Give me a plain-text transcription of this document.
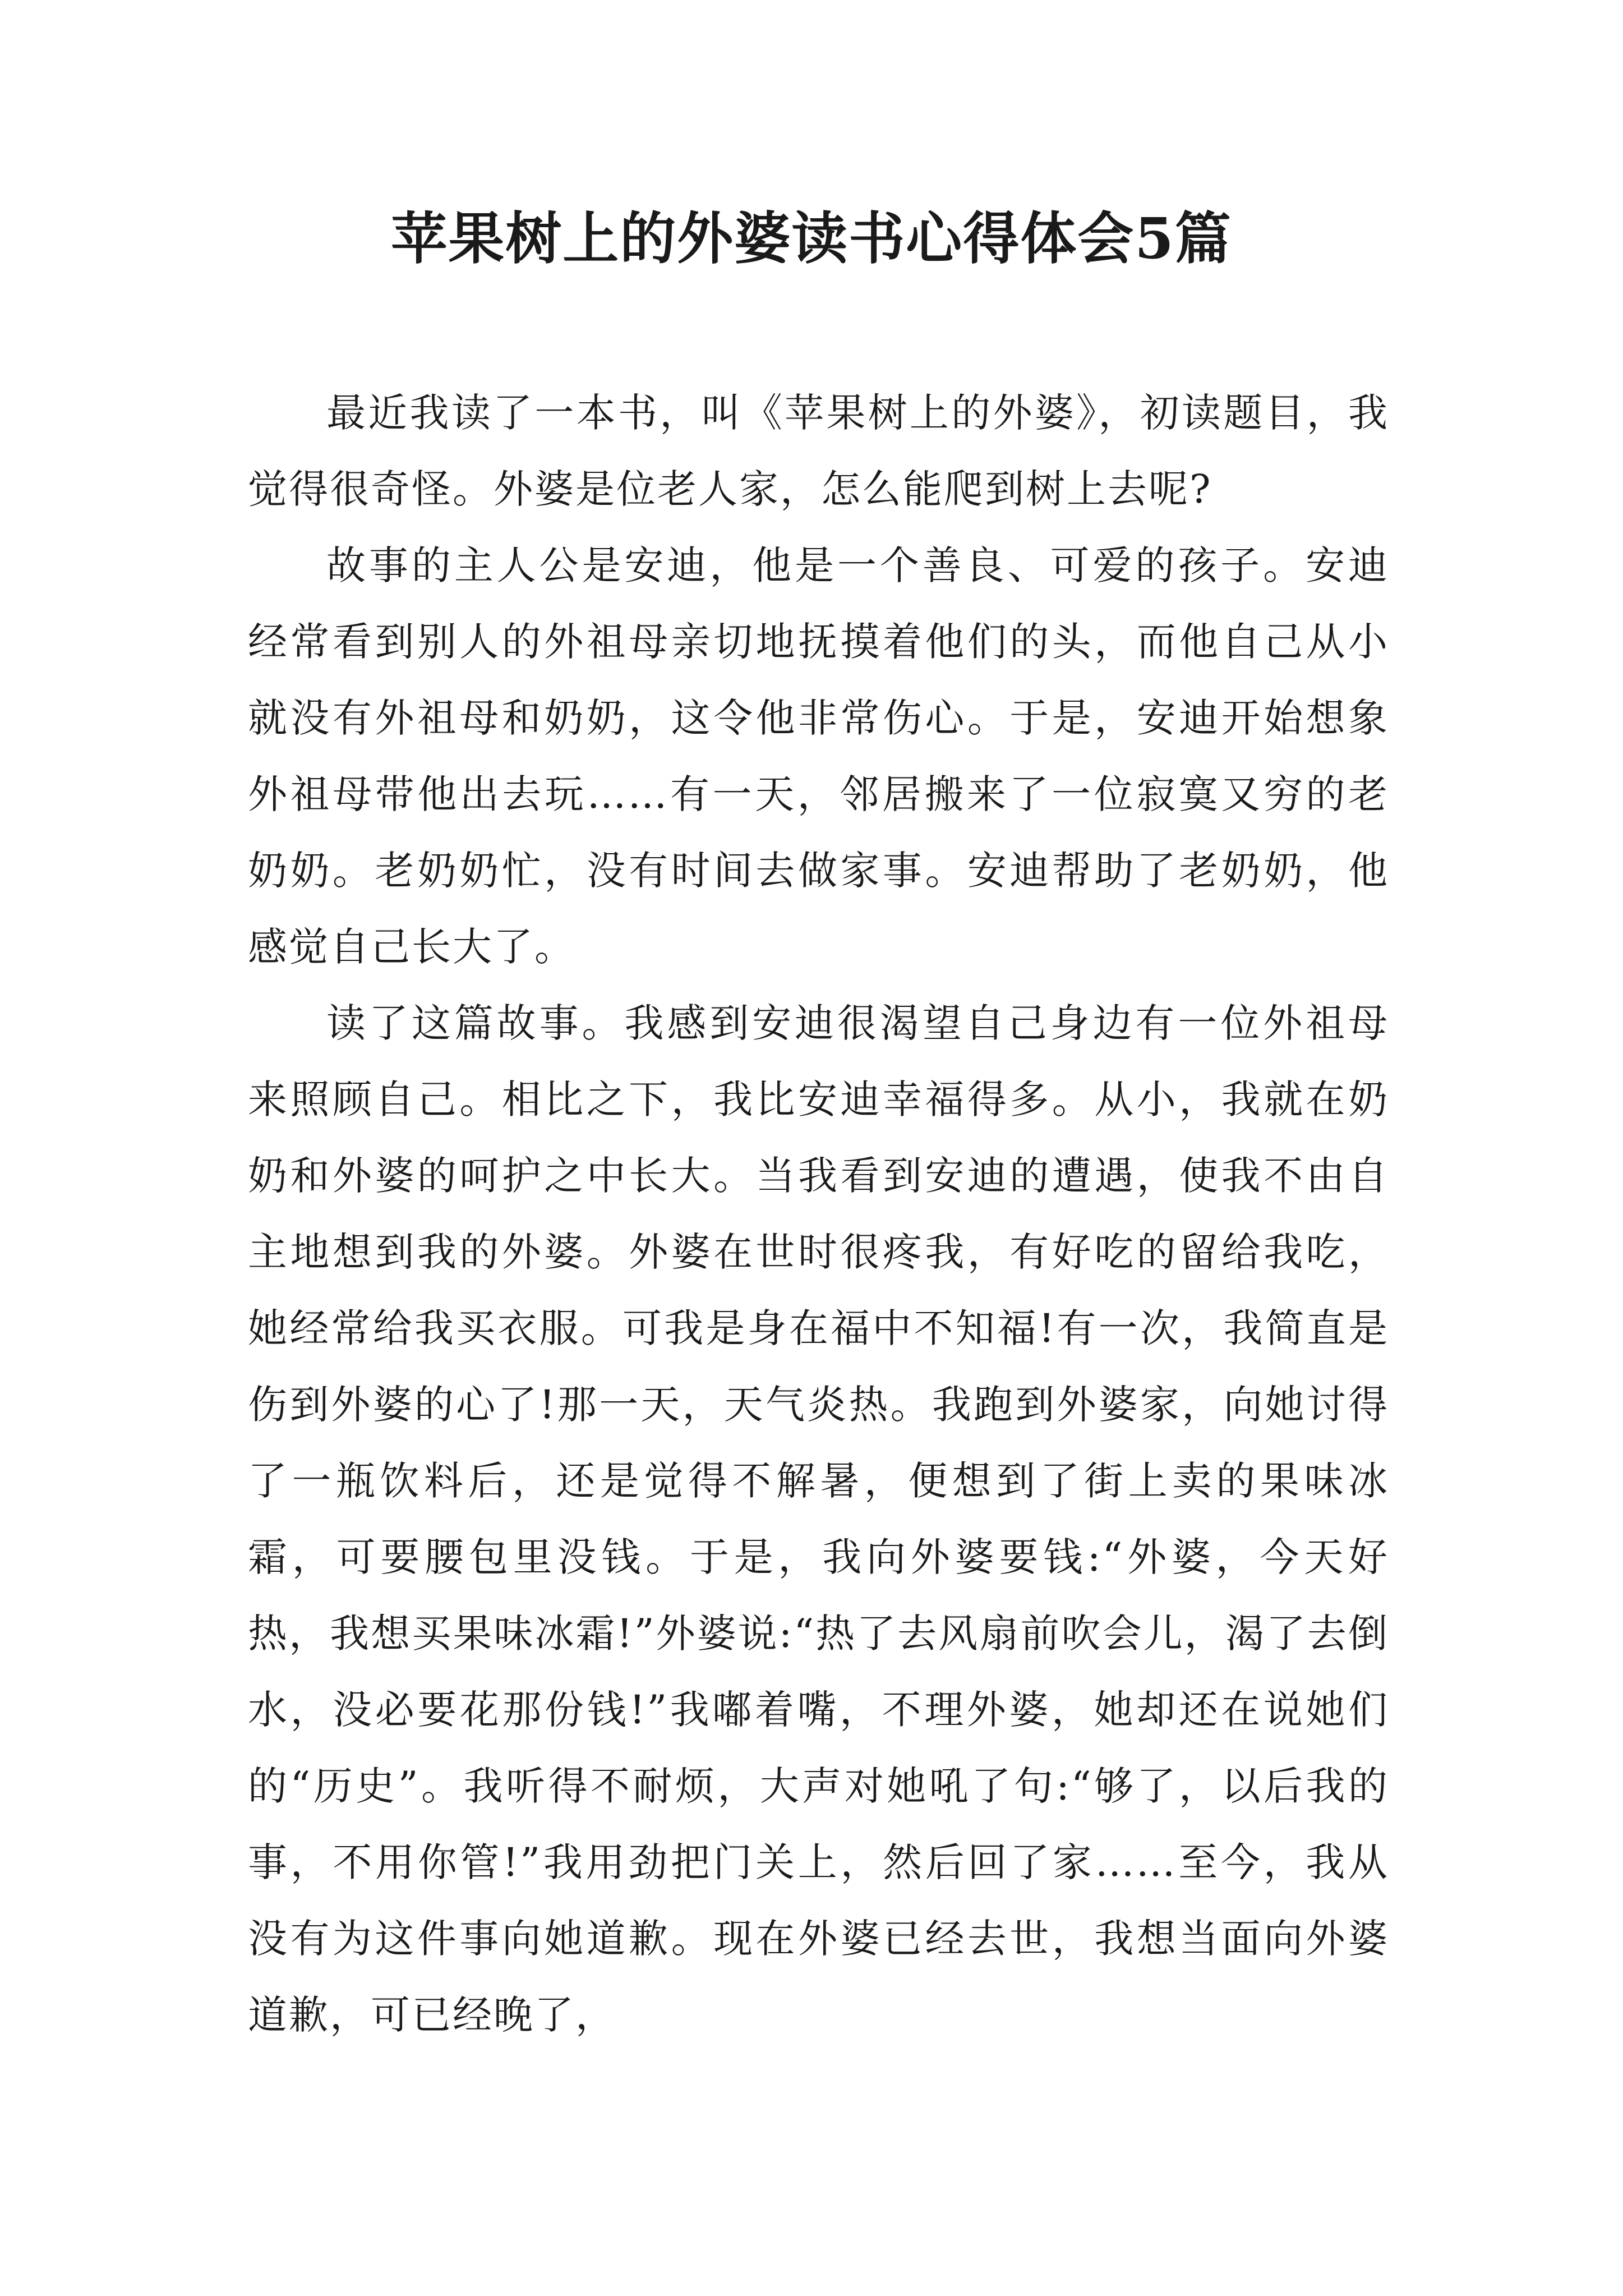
苹果树上的外婆读书心得体会5篇

最近我读了一本书，叫《苹果树上的外婆》，初读题目，我觉得很奇怪。外婆是位老人家，怎么能爬到树上去呢?

故事的主人公是安迪，他是一个善良、可爱的孩子。安迪经常看到别人的外祖母亲切地抚摸着他们的头，而他自己从小就没有外祖母和奶奶，这令他非常伤心。于是，安迪开始想象外祖母带他出去玩……有一天，邻居搬来了一位寂寞又穷的老奶奶。老奶奶忙，没有时间去做家事。安迪帮助了老奶奶，他感觉自己长大了。

读了这篇故事。我感到安迪很渴望自己身边有一位外祖母来照顾自己。相比之下，我比安迪幸福得多。从小，我就在奶奶和外婆的呵护之中长大。当我看到安迪的遭遇，使我不由自主地想到我的外婆。外婆在世时很疼我，有好吃的留给我吃，她经常给我买衣服。可我是身在福中不知福!有一次，我简直是伤到外婆的心了!那一天，天气炎热。我跑到外婆家，向她讨得了一瓶饮料后，还是觉得不解暑，便想到了街上卖的果味冰霜，可要腰包里没钱。于是，我向外婆要钱:“外婆，今天好热，我想买果味冰霜!”外婆说:“热了去风扇前吹会儿，渴了去倒水，没必要花那份钱!”我嘟着嘴，不理外婆，她却还在说她们的“历史”。我听得不耐烦，大声对她吼了句:“够了，以后我的事，不用你管!”我用劲把门关上，然后回了家……至今，我从没有为这件事向她道歉。现在外婆已经去世，我想当面向外婆道歉，可已经晚了，
